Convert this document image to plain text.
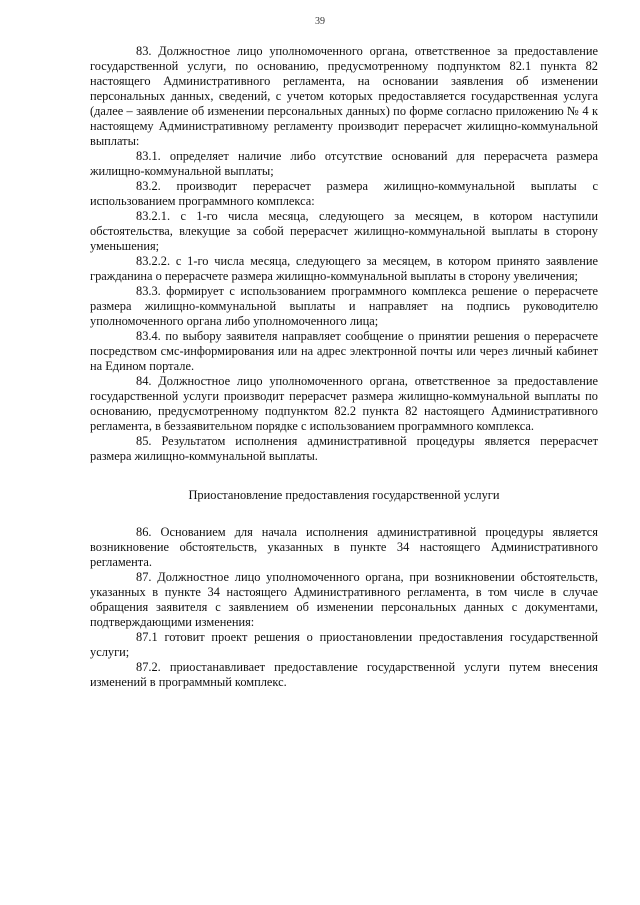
39

83. Должностное лицо уполномоченного органа, ответственное за предоставление государственной услуги, по основанию, предусмотренному подпунктом 82.1 пункта 82 настоящего Административного регламента, на основании заявления об изменении персональных данных, сведений, с учетом которых предоставляется государственная услуга (далее – заявление об изменении персональных данных) по форме согласно приложению № 4 к настоящему Административному регламенту производит перерасчет жилищно-коммунальной выплаты:

83.1. определяет наличие либо отсутствие оснований для перерасчета размера жилищно-коммунальной выплаты;

83.2. производит перерасчет размера жилищно-коммунальной выплаты с использованием программного комплекса:

83.2.1. с 1-го числа месяца, следующего за месяцем, в котором наступили обстоятельства, влекущие за собой перерасчет жилищно-коммунальной выплаты в сторону уменьшения;

83.2.2. с 1-го числа месяца, следующего за месяцем, в котором принято заявление гражданина о перерасчете размера жилищно-коммунальной выплаты в сторону увеличения;

83.3. формирует с использованием программного комплекса решение о перерасчете размера жилищно-коммунальной выплаты и направляет на подпись руководителю уполномоченного органа либо уполномоченного лица;

83.4. по выбору заявителя направляет сообщение о принятии решения о перерасчете посредством смс-информирования или на адрес электронной почты или через личный кабинет на Едином портале.

84. Должностное лицо уполномоченного органа, ответственное за предоставление государственной услуги производит перерасчет размера жилищно-коммунальной выплаты по основанию, предусмотренному подпунктом 82.2 пункта 82 настоящего Административного регламента, в беззаявительном порядке с использованием программного комплекса.

85. Результатом исполнения административной процедуры является перерасчет размера жилищно-коммунальной выплаты.

Приостановление предоставления государственной услуги

86. Основанием для начала исполнения административной процедуры является возникновение обстоятельств, указанных в пункте 34 настоящего Административного регламента.

87. Должностное лицо уполномоченного органа, при возникновении обстоятельств, указанных в пункте 34 настоящего Административного регламента, в том числе в случае обращения заявителя с заявлением об изменении персональных данных с документами, подтверждающими изменения:

87.1 готовит проект решения о приостановлении предоставления государственной услуги;

87.2. приостанавливает предоставление государственной услуги путем внесения изменений в программный комплекс.
